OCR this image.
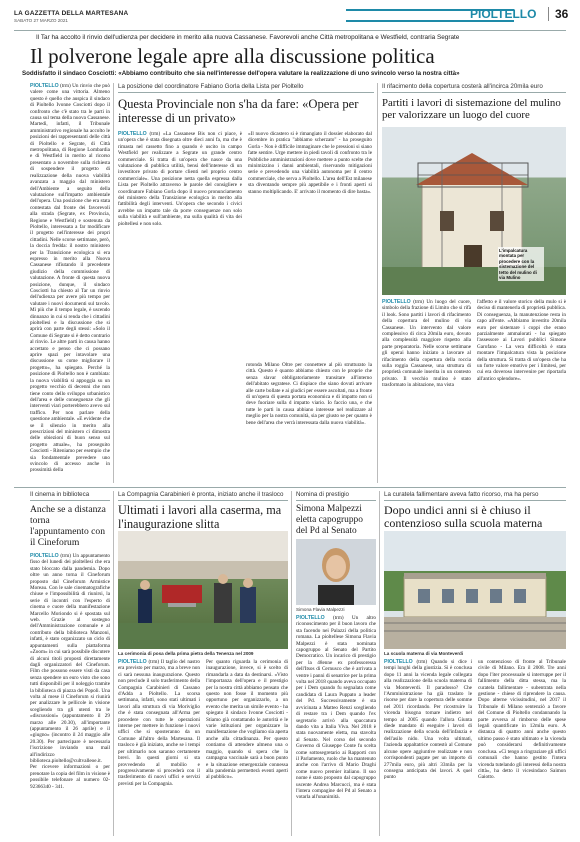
LA GAZZETTA DELLA MARTESANA
SABATO 27 MARZO 2021	PIOLTELLO	36
Il Tar ha accolto il rinvio dell'udienza per decidere in merito alla nuova Cassanese. Favorevoli anche Città metropolitana e Westfield, contraria Segrate
Il polverone legale apre alla discussione politica
Soddisfatto il sindaco Cosciotti: «Abbiamo contribuito che sia nell'interesse dell'opera valutare la realizzazione di uno svincolo verso la nostra città»

PIOLTELLO (trm) Un rinvio che può valere come una vittoria. Almeno questo è quello che auspica il sindaco di Pioltello Ivonne Cosciotti dopo il confronto che c'è stato tra le parti in causa sul tema della nuova Cassanese. Martedì, infatti, il Tribunale amministrativo regionale ha accolto le posizioni dei rappresentanti delle città di Pioltello e Segrate, di Città metropolitana, di Regione Lombardia e di Westfield in merito al ricorso presentato a novembre sulla richiesta di sospendere il progetto di realizzazione della nuova viabilità avanzata a maggio dal ministero dell'Ambiente a seguito della valutazione sull'impatto ambientale dell'opera. Una posizione che era stata contestata dal fronte dei favorevoli alla strada (Segrate, ex Provincia, Regione e Westfield) e sostenuta da Pioltello, interessata a far modificare il progetto nell'interesse dei propri cittadini. Nelle scorse settimane, però, la doccia fredda: il nostro ministero per la Transizione ecologica si era espresso in merito alla Nuova Cassanese rifiutando il precedente giudizio della commissione di valutazione. A fronte di questa nuova posizione, dunque, il sindaco Cosciotti ha chiesto al Tar un rinvio dell'udienza per avere più tempo per valutare i nuovi documenti sul tavolo. Mi più che il tempo legale, è uscendo dinnanzo in cui si renda che i cittadini pioltellesi e la discussione che si aprirà con parte degli stessi: «Solo il Comune di Segrate si è detto contrario al rinvio. Le altre parti in causa hanno accettato e penso che ci possano aprire spazi per intavolare una discussione su come migliorare il progetto», ha spiegato. Perché la posizione di Pioltello non è cambiata: la nuova viabilità si appoggia su un progetto vecchio di decenni che non tiene conto dello sviluppo urbanistico dell'area e delle conseguenze che gli interventi viari porterebbero avevo sul traffico. Per non parlare della questione ambientale. «E evidente che se il silenzio in merito alla prescrizioni del ministero ci dimostra delle obiezioni di buon senso sul progetto attuale», ha proseguito Cosciotti - Riteniamo per esempio che sia fondamentale prevedere uno svincolo di accesso anche in prossimità della

La posizione del coordinatore Fabiano Gorla della Lista per Pioltello
Questa Provinciale non s'ha da fare: «Opera per interesse di un privato»

PIOLTELLO (trm) «La Cassanese Bis non ci piace, è un'opera che è stata disegnata oltre dieci anni fa, ma che è rimasta nel cassetto fino a quando è uscito in campo Westfield per realizzare a Segrate un grande centro commerciale. Si tratta di un'opera che nasce da una valutazione di pubblica utilità, bensì dell'interesse di un investitore privato di portare clienti nel proprio centro commerciale». Una posizione netta quella espressa dalla Lista per Pioltello attraverso le parole del consigliere e coordinatore Fabiano Gorla dopo il nuovo pronunciamento del ministero della Transizione ecologica in merito alla fattibilità degli interventi. Un'opera che secondo i civici avrebbe un impatto tale da porre conseguenze non solo sulla viabilità e sull'ambiente, ma sulla qualità di vita dei pioltellesi e non solo.

«Il nuovo dicastero si è rimangiato il dossier elaborato dal dicembre in pratica "abbiamo scherzato" - ha proseguito Gorla - Non è difficile immaginare che le pressioni si siano fatte sentire. Urge mettere in piedi tavoli di confronto tra le Pubbliche amministrazioni dove mettere a punto scelte che minimizzino i danni ambientali, riservando mitigazioni serie e prevedendo una viabilità autonoma per il centro commerciale, che serva a Pioltello. L'area dell'Est milanese sta diventando sempre più appetibile e i fronti aperti si stanno moltiplicando. E' arrivato il momento di dire basta».

rotonda Milano Oltre per connettere al più strutturato la città. Questo è quanto abbiamo chiesto con le proprie che senza slavar obbligatoriamente transitare all'interno dell'abitato segratese. Ci dispiace che siano dovuti arrivare alle carte bollate e ai giudici per essere ascoltati, ma a fronte di un'opera di questa portata economica e di impatto non si deve fuoriare sulla d impatto viario. Io faccio una, e che tutte le parti in causa abbiano interesse nel realizzare al meglio per la nostra comunità, sia per giusto se per quanto è bene dell'area che verrà interessata dalla nuova viabilità».

Il rifacimento della copertura costerà all'incirca 20mila euro
Partiti i lavori di sistemazione del mulino per valorizzare un luogo del cuore
L'impalcatura montata per procedere con la sistemazione del tetto del mulino di via Mulino

PIOLTELLO (trm) Un luogo del cuore, simbolo della frazione di Limito che si rifà il look. Sono partiti i lavori di rifacimento della copertura del mulino di via Cassanese. Un intervento dal valore complessivo di circa 20mila euro, dovuto alla complessità maggiore rispetto alla parte preparatoria. Nelle scorse settimane gli operai hanno iniziato a lavorare al rifacimento della copertura della roccia sulla roggia Cassanese, una struttura di proprietà comunale inserita in un contesto privato. Il vecchio mulino è stato trasformato in abitazione, ma vista

l'affetto e il valore storico della mulo si è deciso di mantenerla di proprietà pubblica. Di conseguenza, la manutenzione resta in capo all'ente. «Abbiamo investito 20mila euro per sistemare i coppi che erano parzialmente ammalorati - ha spiegato l'assessore ai Lavori pubblici Simone Garofano - La vera difficoltà è stata montare l'impalcatura vista la posizione della struttura. Si tratta di un'opera che ha un forte valore emotivo per i limitesi, per cui era doveroso intervenire per riportarla all'antico splendore».

Il cinema in biblioteca
Anche se a distanza torna l'appuntamento con il Cineforum

PIOLTELLO (trm) Un appuntamento fisso del lunedì dei pioltellesi che era stato bloccato dalla pandemia. Dopo oltre un anno torna il Cineforum proposto dal Cineforum Armistice Moreau. Con le sale cinematografiche chiuse e l'impossibilità di riunirsi, la serie di incontri con l'esperto di cinema e cuore della manifestazione Marcello Moriondo si è spostata sul web. Grazie al sostegno dell'Amministrazione comunale e al contributo della biblioteca Manzoni, infatti, è stato organizzato un ciclo di appuntamenti sulla piattaforma «Zoom» in cui sarà possibile discutere di alcuni titoli proposti direttamente dagli organizzatori del Cineforum. Film che possono essere visti da casa senza spendere un euro visto che sono tutti disponibili per il noleggio tramite la biblioteca di piazza dei Popoli. Una volta al mese il Cineforum si riunirà per analizzare le pellicole in visione scegliendo tra gli utenti tra le «discussioni» (appuntamento il 29 marzo alle 20.30), all'importante (appuntamento il 26 aprile) e il «giugno» (incontro il 24 maggio alle 20.30). Per partecipare è necessaria l'iscrizione inviando una mail all'indirizzo biblioteca.pioltello@cultvalleoe.it. Per ricevere informazioni o per prenotare la copia del film in visione è possibile telefonare al numero 02-92366340 - 341.

La Compagnia Carabinieri è pronta, iniziato anche il trasloco
Ultimati i lavori alla caserma, ma l'inaugurazione slitta
La cerimonia di posa della prima pietra della Tenenza nel 2009

PIOLTELLO (trm) Il taglio del nastro era previsto per marzo, ma a breve non ci sarà nessuna inaugurazione. Questo non preclude il solo trasferimento della Compagnia Carabinieri di Cassano d'Adda a Pioltello. La scorsa settimana, infatti, sono stati ultimati i lavori alla struttura di via Moriviglio che è stata consegnata all'Arma per procedere con tutte le operazioni interne per mettere in funzione i nuovi uffici che si sposteranno da un Comune all'altro della Martesana. Il trasloco è già iniziato, anche se i tempi per ultimarlo non saranno certamente brevi. In questi giorni si sta provvedendo al mobilio e progressivamente si procederà con il trasferimento di nuovi uffici e servizi previsti per la Compagnia.

Per quanto riguarda la cerimonia di inaugurazione, invece, si è scelto di rimandarla a data da destinarsi. «Visto l'importanza dell'opera e il prestigio per la nostra città abbiamo pensato che questo non fosse il momento più opportuno per organizzarlo, a un evento che merita un simile evento - ha spiegato il sindaco Ivonne Cosciotti - Stiamo già contattando le autorità e le varie istituzioni per organizzare la manifestazione che vogliamo sia aperta anche alla cittadinanza. Per questo contiamo di attendere almeno una o maggio, quando si spera che la campagna vaccinale sarà a buon punto e la situazione emergenziale connessa alla pandemia permetterà eventi aperti al pubblico».

Nomina di prestigio
Simona Malpezzi eletta capogruppo del Pd al Senato
Simona Flavia Malpezzi

PIOLTELLO (trm) Un altro riconoscimento per il buon lavoro che sta facendo nei Palazzi della politica romana. La pioltellese Simona Flavia Malpezzi è stata nominata capogruppo al Senato del Partito Democratico. Un incarico di prestigio per la 48enne ex professoressa dell'Itsos di Cernusco che è arrivata a ventre i panni di senatrice per la prima volta nel 2018 quando aveva occupato per i Dem quando fu segnalata come candidata di Laura Puppato a leader del Pd. Successivamente è sta avvicinata a Matteo Renzi scegliendo di restare tra i Dem quando l'ex segretario arrivò alla spaccatura dando vita a Italia Viva. Nel 2018 è stata nuovamente eletta, ma stavolta al Senato. Nel corso del secondo Governo di Giuseppe Conte fu scelta come sottosegretario ai Rapporti con il Parlamento, ruolo che ha mantenuto anche con l'arrivo di Mario Draghi come nuovo premier italiano. Il suo nome è stato proposto dal capogruppo uscente Andrea Marcucci, ma è stata l'intera compagine del Pd al Senato a votarla all'unanimità.

La curatela fallimentare aveva fatto ricorso, ma ha perso
Dopo undici anni si è chiuso il contenzioso sulla scuola materna
La scuola materna di via Monteverdi

PIOLTELLO (trm) Quando si dice i tempi lunghi della giustizia. Si è conclusa dopo 11 anni la vicenda legale collegata alla realizzazione della scuola materna di via Monteverdi. Il paradosso? Che l'Amministrazione ha già traslato le risorse per dare la copertura delle somme nel 2011 ricordando. Per ricostruire la vicenda bisogna tornare indietro nel tempo al 2005 quando l'allora Giunta diede mandato di eseguire i lavori di realizzazione della scuola dell'infanzia e dell'asilo nido. Una volta ultimati, l'azienda appaltatrice contestò al Comune alcune opere aggiuntive realizzate e non corrispondenti pagate per un importo di 277mila euro, più altri 33mila per la consegna anticipata dei lavori. A quel punto

un contenzioso di fronte al Tribunale civile di Milano. Era il 2008. Tre anni dopo l'iter processuale si interruppe per il fallimento della ditta stessa, ma la curatela fallimentare - subentrata nella gestione - chiese di riprendere la causa. Dopo alterne vicissitudini, nel 2017 il Tribunale di Milano sentenziò a favore del Comune di Pioltello condannando la parte avversa al rimborso delle spese legali quantificate in 12mila euro. A distanza di quattro anni anche questo ultimo passo è stato ultimato e la vicenda può considerarsi definitivamente conclusa. «Ci tengo a ringraziare gli uffici comunali che hanno gestito l'intera vicenda tutelando gli interessi della nostra città», ha detto il vicesindaco Saimon Gaiotto.
